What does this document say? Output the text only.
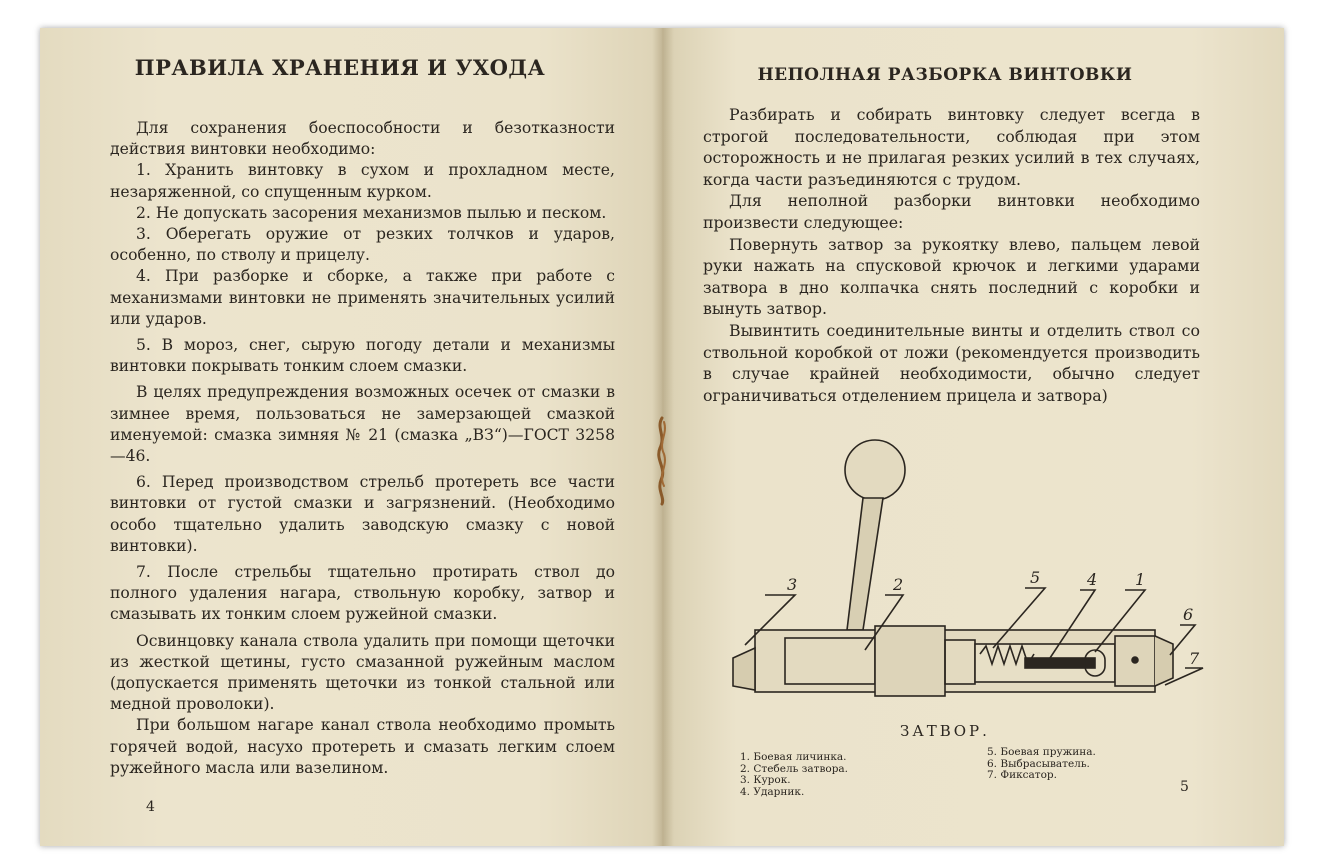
ПРАВИЛА ХРАНЕНИЯ И УХОДА

Для сохранения боеспособности и безотказности действия винтовки необходимо:

1. Хранить винтовку в сухом и прохладном месте, незаряженной, со спущенным курком.

2. Не допускать засорения механизмов пылью и песком.

3. Оберегать оружие от резких толчков и ударов, особенно, по стволу и прицелу.

4. При разборке и сборке, а также при работе с механизмами винтовки не применять значительных усилий или ударов.

5. В мороз, снег, сырую погоду детали и механизмы винтовки покрывать тонким слоем смазки.

В целях предупреждения возможных осечек от смазки в зимнее время, пользоваться не замерзающей смазкой именуемой: смазка зимняя № 21 (смазка „ВЗ“)—ГОСТ 3258—46.

6. Перед производством стрельб протереть все части винтовки от густой смазки и загрязнений. (Необходимо особо тщательно удалить заводскую смазку с новой винтовки).

7. После стрельбы тщательно протирать ствол до полного удаления нагара, ствольную коробку, затвор и смазывать их тонким слоем ружейной смазки.

Освинцовку канала ствола удалить при помощи щеточки из жесткой щетины, густо смазанной ружейным маслом (допускается применять щеточки из тонкой стальной или медной проволоки).

При большом нагаре канал ствола необходимо промыть горячей водой, насухо протереть и смазать легким слоем ружейного масла или вазелином.

4
НЕПОЛНАЯ РАЗБОРКА ВИНТОВКИ

Разбирать и собирать винтовку следует всегда в строгой последовательности, соблюдая при этом осторожность и не прилагая резких усилий в тех случаях, когда части разъединяются с трудом.

Для неполной разборки винтовки необходимо произвести следующее:

Повернуть затвор за рукоятку влево, пальцем левой руки нажать на спусковой крючок и легкими ударами затвора в дно колпачка снять последний с коробки и вынуть затвор.

Вывинтить соединительные винты и отделить ствол со ствольной коробкой от ложи (рекомендуется производить в случае крайней необходимости, обычно следует ограничиваться отделением прицела и затвора)

3	2	5	4 1
6
7
ЗАТВОР.
1. Боевая личинка.
2. Стебель затвора.
3. Курок.
4. Ударник.
5. Боевая пружина.
6. Выбрасыватель.
7. Фиксатор.
5
